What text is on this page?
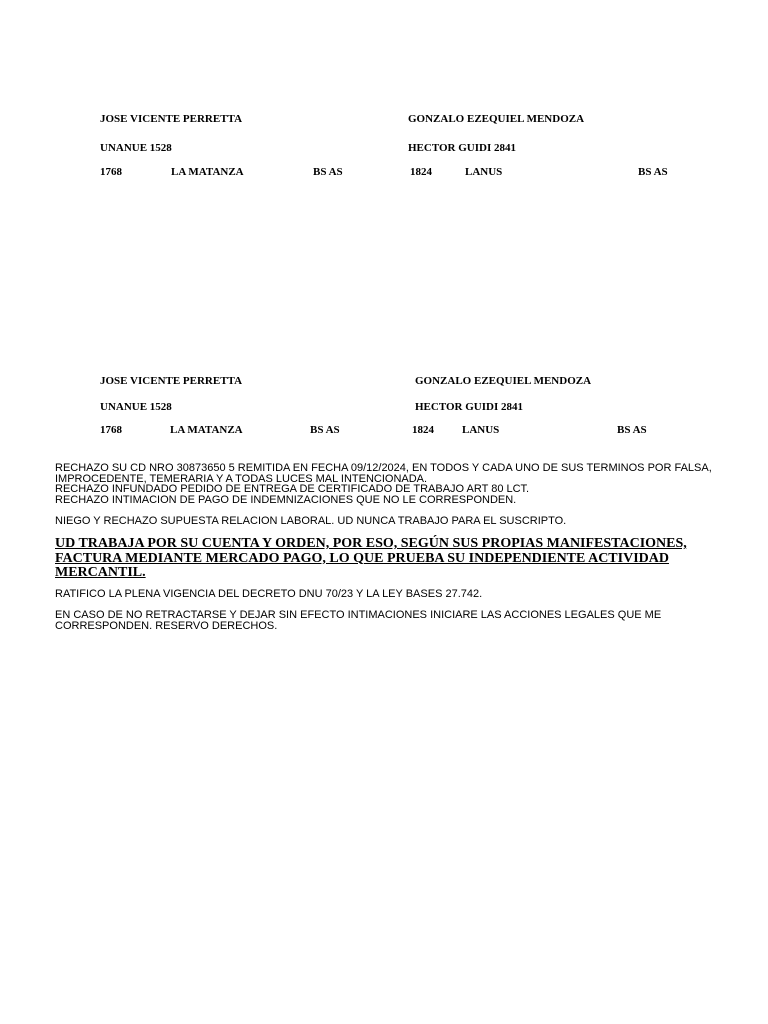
JOSE VICENTE PERRETTA
UNANUE 1528
1768	LA MATANZA	BS AS
GONZALO EZEQUIEL MENDOZA
HECTOR GUIDI 2841
1824	LANUS	BS AS
JOSE VICENTE PERRETTA
UNANUE 1528
1768	LA MATANZA	BS AS
GONZALO EZEQUIEL MENDOZA
HECTOR GUIDI 2841
1824	LANUS	BS AS

RECHAZO SU CD NRO 30873650 5 REMITIDA EN FECHA 09/12/2024, EN TODOS Y CADA UNO DE SUS TERMINOS POR FALSA, IMPROCEDENTE, TEMERARIA Y A TODAS LUCES MAL INTENCIONADA.

RECHAZO INFUNDADO PEDIDO DE ENTREGA DE CERTIFICADO DE TRABAJO ART 80 LCT.

RECHAZO INTIMACION DE PAGO DE INDEMNIZACIONES QUE NO LE CORRESPONDEN.

NIEGO Y RECHAZO SUPUESTA RELACION LABORAL. UD NUNCA TRABAJO PARA EL SUSCRIPTO.

UD TRABAJA POR SU CUENTA Y ORDEN, POR ESO, SEGÚN SUS PROPIAS MANIFESTACIONES, FACTURA MEDIANTE MERCADO PAGO, LO QUE PRUEBA SU INDEPENDIENTE ACTIVIDAD MERCANTIL.

RATIFICO LA PLENA VIGENCIA DEL DECRETO DNU 70/23 Y LA LEY BASES 27.742.

EN CASO DE NO RETRACTARSE Y DEJAR SIN EFECTO INTIMACIONES INICIARE LAS ACCIONES LEGALES QUE ME CORRESPONDEN. RESERVO DERECHOS.
